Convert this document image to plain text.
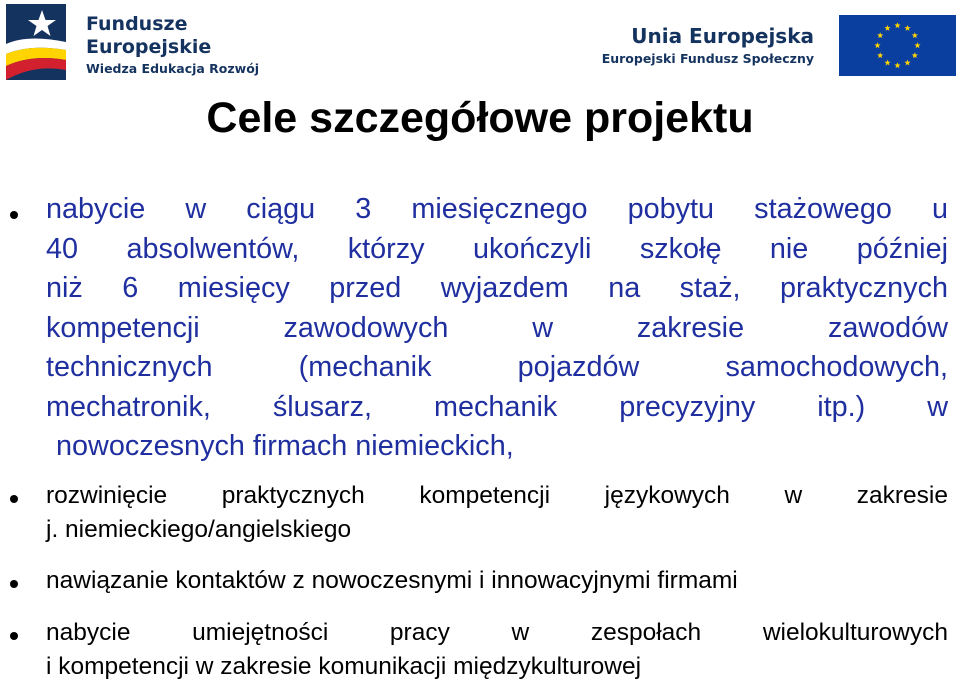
Fundusze

Europejskie

Wiedza Edukacja Rozwój

Unia Europejska

Europejski Fundusz Społeczny

Cele szczegółowe projektu

nabycie w ciągu 3 miesięcznego pobytu stażowego u
40 absolwentów, którzy ukończyli szkołę nie później
niż 6 miesięcy przed wyjazdem na staż, praktycznych
kompetencji zawodowych w zakresie zawodów
technicznych (mechanik pojazdów samochodowych,
mechatronik, ślusarz, mechanik precyzyjny itp.) w
nowoczesnych firmach niemieckich,

rozwinięcie praktycznych kompetencji językowych w zakresie
j. niemieckiego/angielskiego

nawiązanie kontaktów z nowoczesnymi i innowacyjnymi firmami

nabycie umiejętności pracy w zespołach wielokulturowych
i kompetencji w zakresie komunikacji międzykulturowej
